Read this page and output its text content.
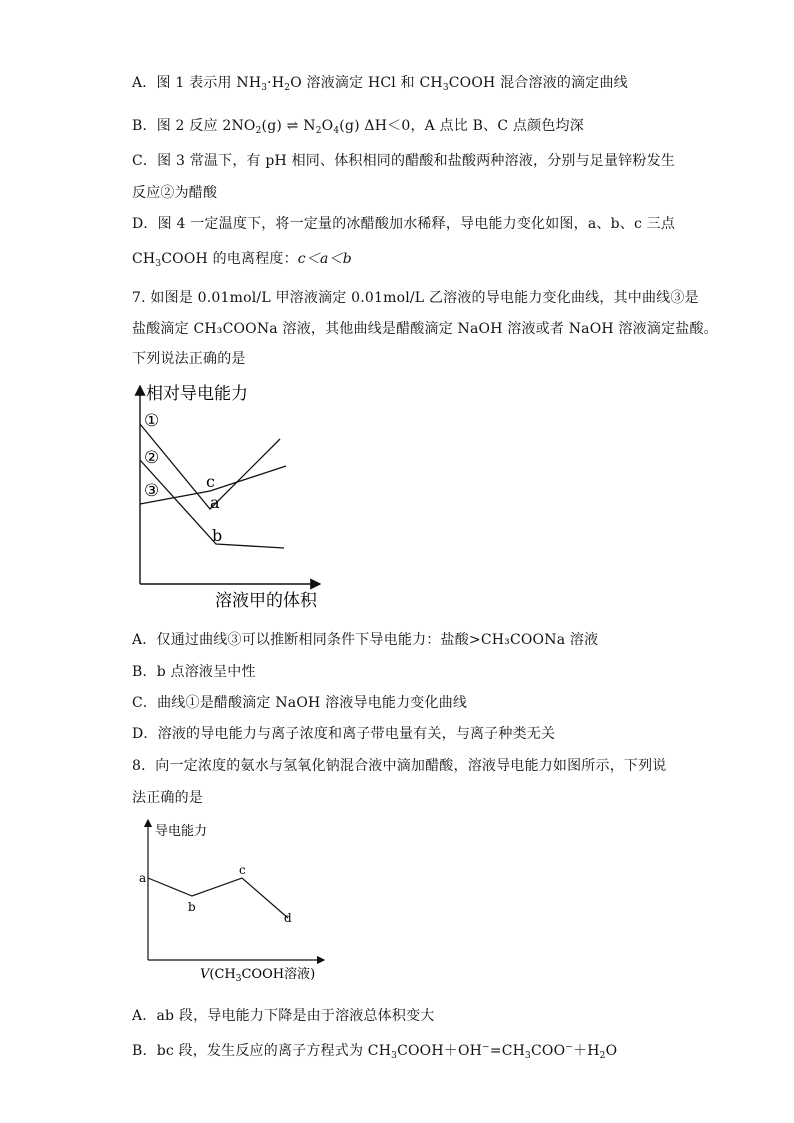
A．图 1 表示用 $NH_3\cdot H_2O$ 溶液滴定 HCl 和 $CH_3COOH$ 混合溶液的滴定曲线
B．图 2 反应 $2NO_2(g)$ ⇌ $N_2O_4(g)$ ΔH＜0，A 点比 B、C 点颜色均深
C．图 3 常温下，有 pH 相同、体积相同的醋酸和盐酸两种溶液，分别与足量锌粉发生
反应②为醋酸
D．图 4 一定温度下，将一定量的冰醋酸加水稀释，导电能力变化如图，a、b、c 三点
$CH_3COOH$ 的电离程度：c＜a＜b
7. 如图是 0.01mol/L 甲溶液滴定 0.01mol/L 乙溶液的导电能力变化曲线，其中曲线③是
盐酸滴定 CH₃COONa 溶液，其他曲线是醋酸滴定 NaOH 溶液或者 NaOH 溶液滴定盐酸。
下列说法正确的是
相对导电能力
溶液甲的体积
①
②
③	c
a
b
A．仅通过曲线③可以推断相同条件下导电能力：盐酸>CH₃COONa 溶液
B．b 点溶液呈中性
C．曲线①是醋酸滴定 NaOH 溶液导电能力变化曲线
D．溶液的导电能力与离子浓度和离子带电量有关，与离子种类无关
8．向一定浓度的氨水与氢氧化钠混合液中滴加醋酸，溶液导电能力如图所示，下列说
法正确的是
导电能力
$V(CH_3COOH$溶液)
a
b
c
d
A．ab 段，导电能力下降是由于溶液总体积变大
B．bc 段，发生反应的离子方程式为 $CH_3COOH+OH^-=CH_3COO^-+H_2O$
